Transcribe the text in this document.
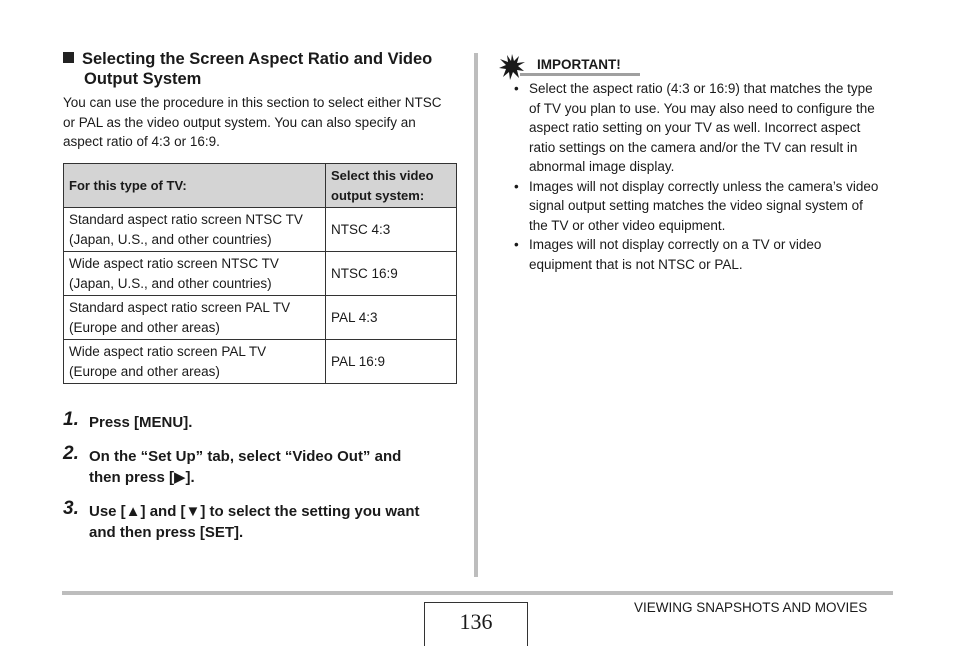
Selecting the Screen Aspect Ratio and Video
Output System
You can use the procedure in this section to select either NTSC
or PAL as the video output system. You can also specify an
aspect ratio of 4:3 or 16:9.
For this type of TV:	Select this video
output system:

Standard aspect ratio screen NTSC TV
(Japan, U.S., and other countries)	NTSC 4:3

Wide aspect ratio screen NTSC TV
(Japan, U.S., and other countries)	NTSC 16:9

Standard aspect ratio screen PAL TV
(Europe and other areas)	PAL 4:3

Wide aspect ratio screen PAL TV
(Europe and other areas)	PAL 16:9
1. Press [MENU].
2. On the “Set Up” tab, select “Video Out” and
then press [▶].
3. Use [▲] and [▼] to select the setting you want
and then press [SET].
IMPORTANT!
• Select the aspect ratio (4:3 or 16:9) that matches the type
of TV you plan to use. You may also need to configure the
aspect ratio setting on your TV as well. Incorrect aspect
ratio settings on the camera and/or the TV can result in
abnormal image display.
• Images will not display correctly unless the camera’s video
signal output setting matches the video signal system of
the TV or other video equipment.
• Images will not display correctly on a TV or video
equipment that is not NTSC or PAL.
136
VIEWING SNAPSHOTS AND MOVIES
